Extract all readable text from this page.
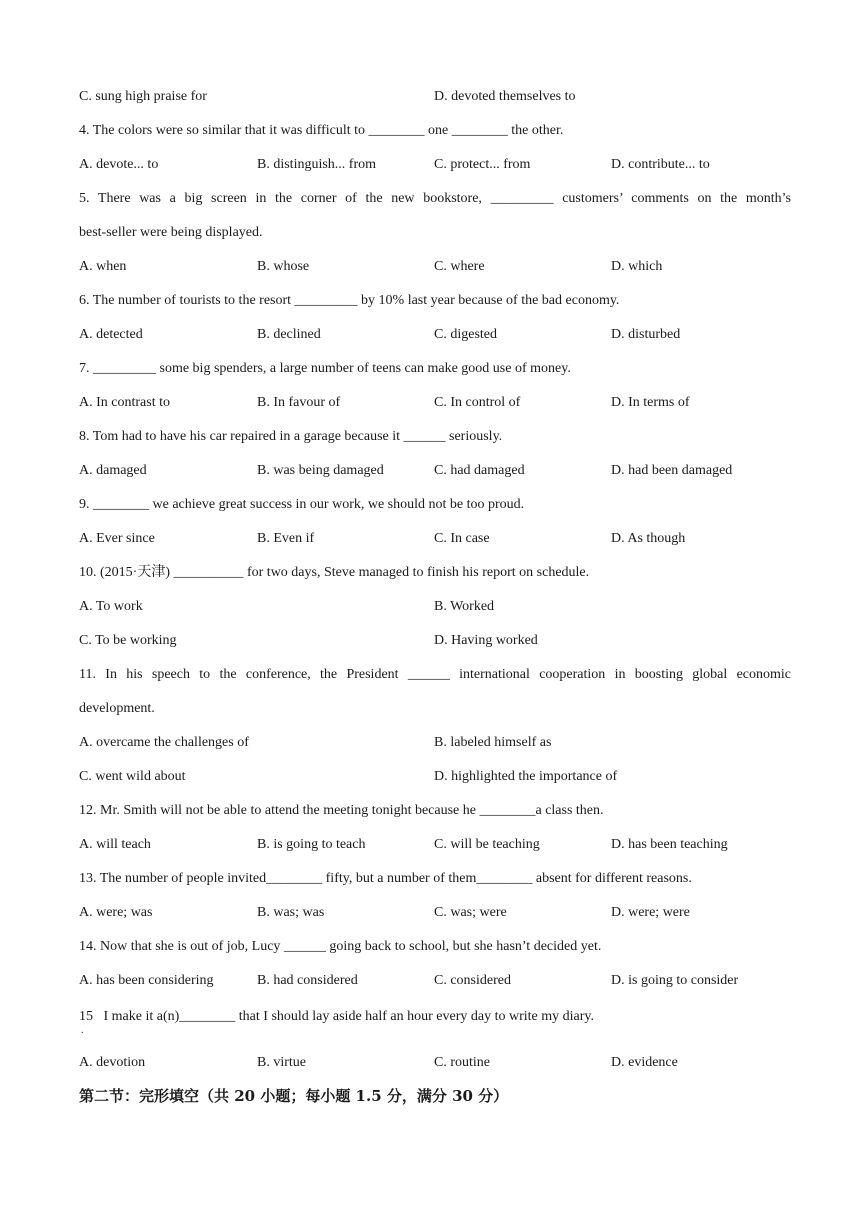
C. sung high praise for	D. devoted themselves to
4. The colors were so similar that it was difficult to ________ one ________ the other.
A. devote... to	B. distinguish... from	C. protect... from	D. contribute... to
5. There was a big screen in the corner of the new bookstore, _________ customers’ comments on the month’s
best-seller were being displayed.
A. when	B. whose	C. where	D. which
6. The number of tourists to the resort _________ by 10% last year because of the bad economy.
A. detected	B. declined	C. digested	D. disturbed
7. _________ some big spenders, a large number of teens can make good use of money.
A. In contrast to	B. In favour of	C. In control of	D. In terms of
8. Tom had to have his car repaired in a garage because it ______ seriously.
A. damaged	B. was being damaged	C. had damaged	D. had been damaged
9. ________ we achieve great success in our work, we should not be too proud.
A. Ever since	B. Even if	C. In case	D. As though
10. (2015·天津) __________ for two days, Steve managed to finish his report on schedule.
A. To work	B. Worked
C. To be working	D. Having worked
11. In his speech to the conference, the President ______ international cooperation in boosting global economic
development.
A. overcame the challenges of	B. labeled himself as
C. went wild about	D. highlighted the importance of
12. Mr. Smith will not be able to attend the meeting tonight because he ________a class then.
A. will teach	B. is going to teach	C. will be teaching	D. has been teaching
13. The number of people invited________ fifty, but a number of them________ absent for different reasons.
A. were; was	B. was; was	C. was; were	D. were; were
14. Now that she is out of job, Lucy ______ going back to school, but she hasn’t decided yet.
A. has been considering	B. had considered	C. considered	D. is going to consider
15   I make it a(n)________ that I should lay aside half an hour every day to write my diary.
.
A. devotion	B. virtue	C. routine	D. evidence
第二节：完形填空（共 20 小题；每小题 1.5 分，满分 30 分）
